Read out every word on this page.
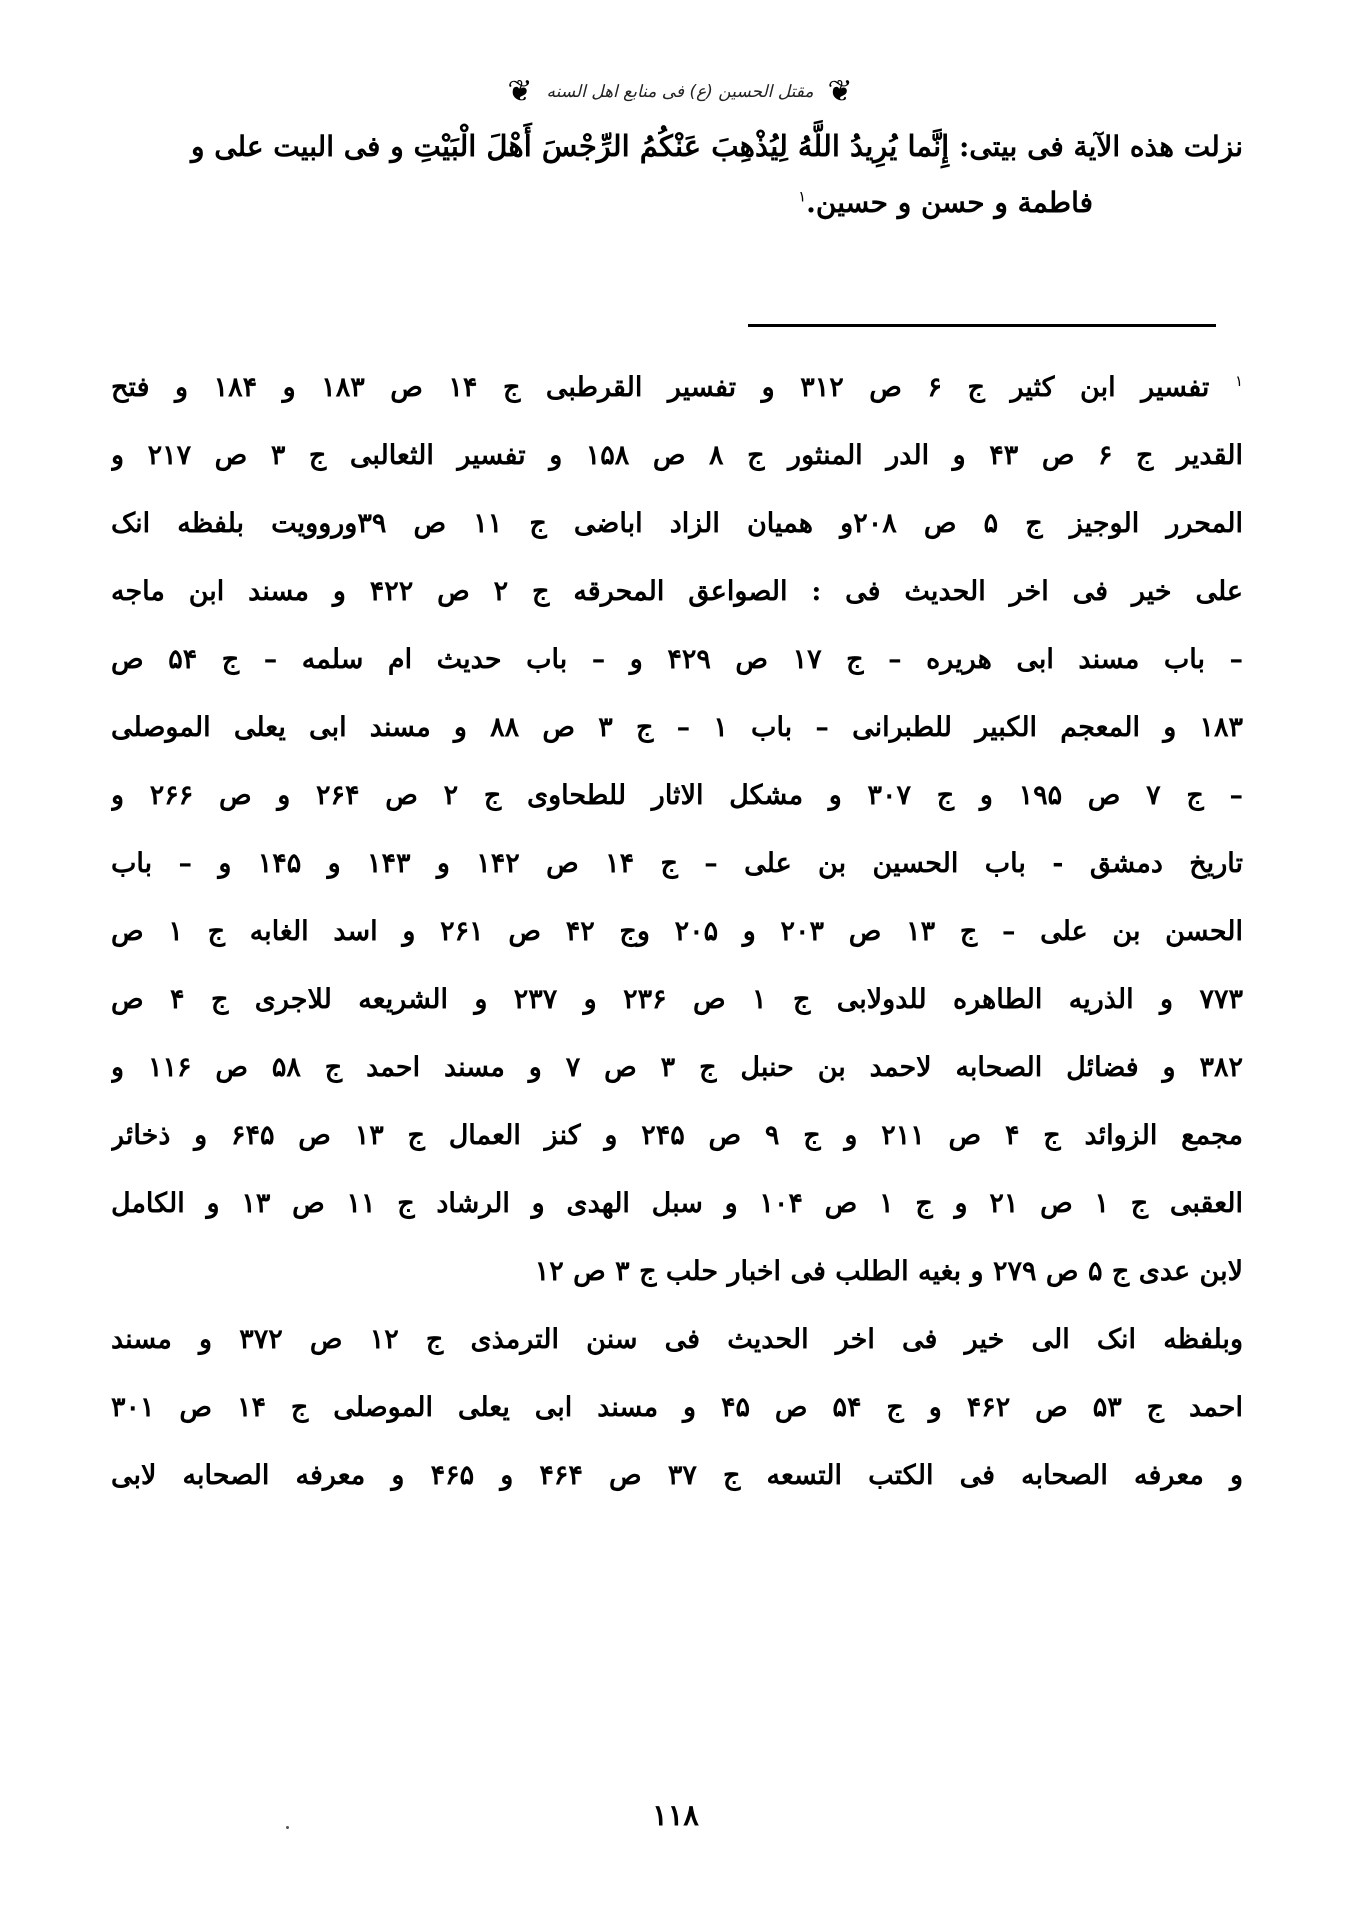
❦
مقتل الحسين (ع) فى منابع اهل السنه
❦
نزلت هذه الآية فى بيتى: إِنَّما يُرِيدُ اللَّهُ لِيُذْهِبَ عَنْكُمُ الرِّجْسَ أَهْلَ الْبَيْتِ و فى البيت علی و
فاطمة و حسن و حسين.$^١$
$^١$ تفسير ابن كثير ج ۶ ص ۳۱۲ و تفسير القرطبى ج ۱۴ ص ۱۸۳ و ۱۸۴ و فتح
القدير ج ۶ ص ۴۳ و الدر المنثور ج ۸ ص ۱۵۸ و تفسير الثعالبى ج ۳ ص ۲۱۷ و
المحرر الوجيز ج ۵ ص ۲۰۸و هميان الزاد اباضى ج ۱۱ ص ۳۹وروويت بلفظه انک
على خير فى اخر الحديث فى : الصواعق المحرقه ج ۲ ص ۴۲۲ و مسند ابن ماجه
– باب مسند ابى هريره – ج ۱۷ ص ۴۲۹ و – باب حديث ام سلمه – ج ۵۴ ص
۱۸۳ و المعجم الكبير للطبرانى – باب ۱ – ج ۳ ص ۸۸ و مسند ابى يعلى الموصلى
– ج ۷ ص ۱۹۵ و ج ۳۰۷ و مشكل الاثار للطحاوى ج ۲ ص ۲۶۴ و ص ۲۶۶ و
تاريخ دمشق - باب الحسين بن على – ج ۱۴ ص ۱۴۲ و ۱۴۳ و ۱۴۵ و – باب
الحسن بن على – ج ۱۳ ص ۲۰۳ و ۲۰۵ وج ۴۲ ص ۲۶۱ و اسد الغابه ج ۱ ص
۷۷۳ و الذريه الطاهره للدولابى ج ۱ ص ۲۳۶ و ۲۳۷ و الشريعه للاجرى ج ۴ ص
۳۸۲ و فضائل الصحابه لاحمد بن حنبل ج ۳ ص ۷ و مسند احمد ج ۵۸ ص ۱۱۶ و
مجمع الزوائد ج ۴ ص ۲۱۱ و ج ۹ ص ۲۴۵ و كنز العمال ج ۱۳ ص ۶۴۵ و ذخائر
العقبى ج ۱ ص ۲۱ و ج ۱ ص ۱۰۴ و سبل الهدى و الرشاد ج ۱۱ ص ۱۳ و الكامل
لابن عدى ج ۵ ص ۲۷۹ و بغيه الطلب فى اخبار حلب ج ۳ ص ۱۲
وبلفظه انک الى خير فى اخر الحديث فى سنن الترمذى ج ۱۲ ص ۳۷۲ و مسند
احمد ج ۵۳ ص ۴۶۲ و ج ۵۴ ص ۴۵ و مسند ابى يعلى الموصلى ج ۱۴ ص ۳۰۱
و معرفه الصحابه فى الكتب التسعه ج ۳۷ ص ۴۶۴ و ۴۶۵ و معرفه الصحابه لابى
۱۱۸
